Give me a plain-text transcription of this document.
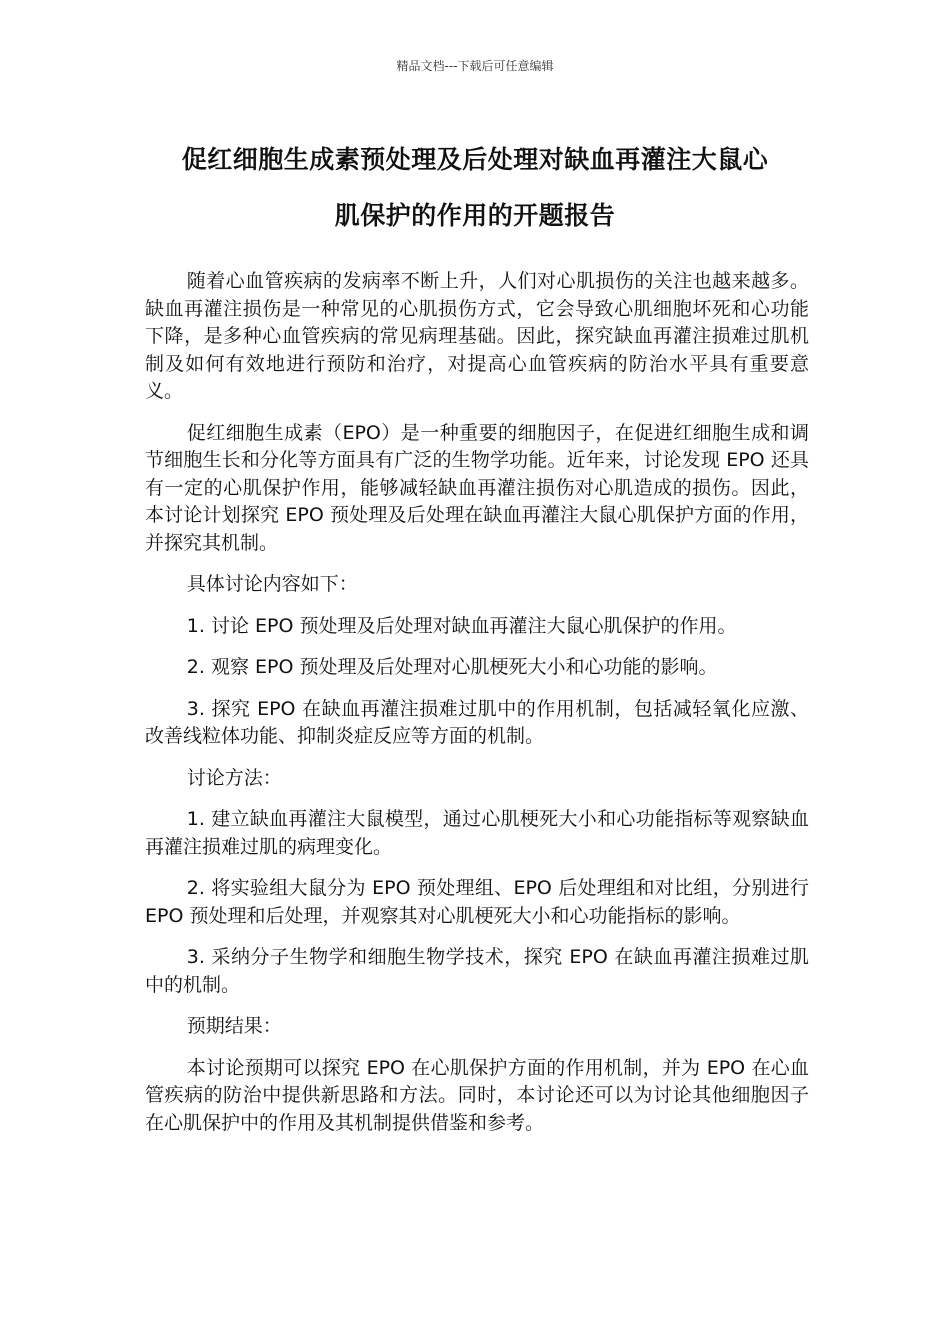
精品文档---下载后可任意编辑
促红细胞生成素预处理及后处理对缺血再灌注大鼠心
肌保护的作用的开题报告

随着心血管疾病的发病率不断上升，人们对心肌损伤的关注也越来越多。缺血再灌注损伤是一种常见的心肌损伤方式，它会导致心肌细胞坏死和心功能下降，是多种心血管疾病的常见病理基础。因此，探究缺血再灌注损难过肌机制及如何有效地进行预防和治疗，对提高心血管疾病的防治水平具有重要意义。

促红细胞生成素（EPO）是一种重要的细胞因子，在促进红细胞生成和调节细胞生长和分化等方面具有广泛的生物学功能。近年来，讨论发现 EPO 还具有一定的心肌保护作用，能够减轻缺血再灌注损伤对心肌造成的损伤。因此，本讨论计划探究 EPO 预处理及后处理在缺血再灌注大鼠心肌保护方面的作用，并探究其机制。

具体讨论内容如下：

1. 讨论 EPO 预处理及后处理对缺血再灌注大鼠心肌保护的作用。

2. 观察 EPO 预处理及后处理对心肌梗死大小和心功能的影响。

3. 探究 EPO 在缺血再灌注损难过肌中的作用机制，包括减轻氧化应激、改善线粒体功能、抑制炎症反应等方面的机制。

讨论方法：

1. 建立缺血再灌注大鼠模型，通过心肌梗死大小和心功能指标等观察缺血再灌注损难过肌的病理变化。

2. 将实验组大鼠分为 EPO 预处理组、EPO 后处理组和对比组，分别进行 EPO 预处理和后处理，并观察其对心肌梗死大小和心功能指标的影响。

3. 采纳分子生物学和细胞生物学技术，探究 EPO 在缺血再灌注损难过肌中的机制。

预期结果：

本讨论预期可以探究 EPO 在心肌保护方面的作用机制，并为 EPO 在心血管疾病的防治中提供新思路和方法。同时，本讨论还可以为讨论其他细胞因子在心肌保护中的作用及其机制提供借鉴和参考。
